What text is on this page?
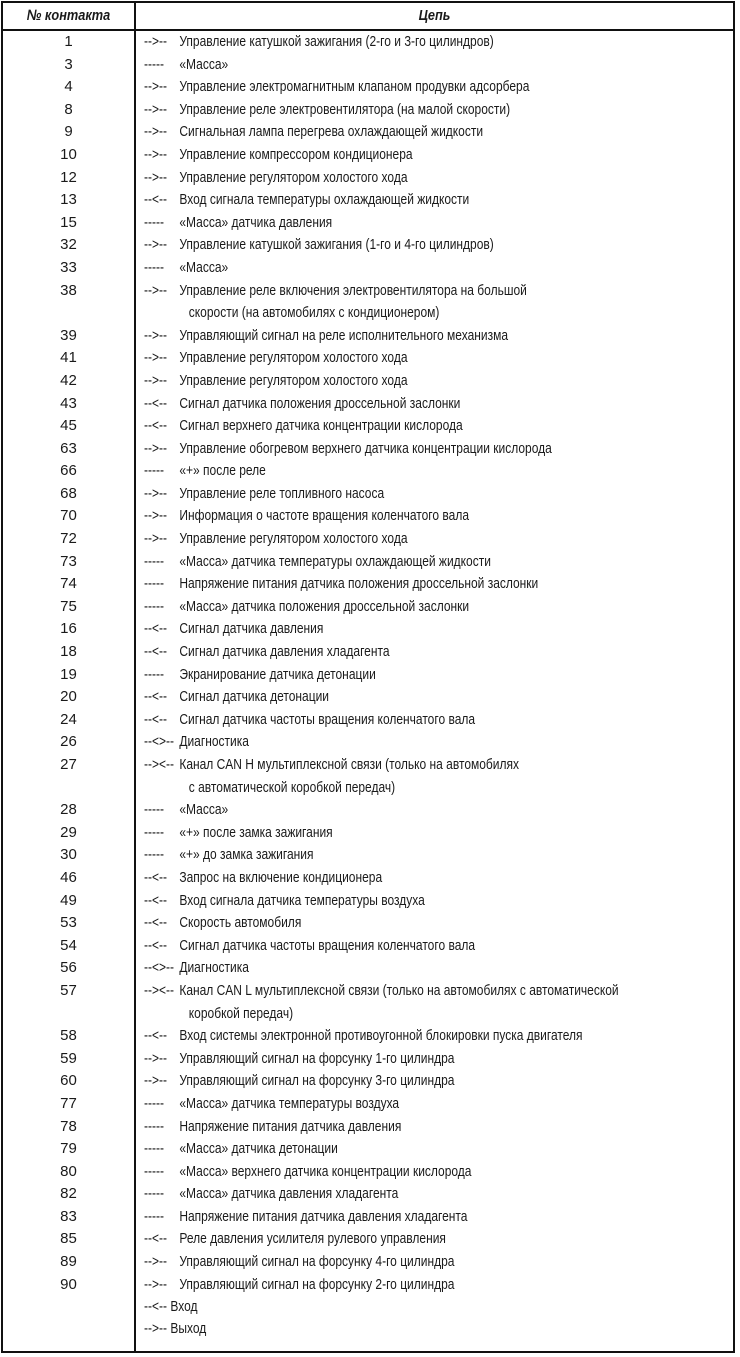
№ контакта	Цепь
1	-->-- Управление катушкой зажигания (2-го и 3-го цилиндров)
3	----- «Масса»
4	-->-- Управление электромагнитным клапаном продувки адсорбера
8	-->-- Управление реле электровентилятора (на малой скорости)
9	-->-- Сигнальная лампа перегрева охлаждающей жидкости
10	-->-- Управление компрессором кондиционера
12	-->-- Управление регулятором холостого хода
13	--<-- Вход сигнала температуры охлаждающей жидкости
15	----- «Масса» датчика давления
32	-->-- Управление катушкой зажигания (1-го и 4-го цилиндров)
33	----- «Масса»
38	-->-- Управление реле включения электровентилятора на большой
скорости (на автомобилях с кондиционером)
39	-->-- Управляющий сигнал на реле исполнительного механизма
41	-->-- Управление регулятором холостого хода
42	-->-- Управление регулятором холостого хода
43	--<-- Сигнал датчика положения дроссельной заслонки
45	--<-- Сигнал верхнего датчика концентрации кислорода
63	-->-- Управление обогревом верхнего датчика концентрации кислорода
66	----- «+» после реле
68	-->-- Управление реле топливного насоса
70	-->-- Информация о частоте вращения коленчатого вала
72	-->-- Управление регулятором холостого хода
73	----- «Масса» датчика температуры охлаждающей жидкости
74	----- Напряжение питания датчика положения дроссельной заслонки
75	----- «Масса» датчика положения дроссельной заслонки
16	--<-- Сигнал датчика давления
18	--<-- Сигнал датчика давления хладагента
19	----- Экранирование датчика детонации
20	--<-- Сигнал датчика детонации
24	--<-- Сигнал датчика частоты вращения коленчатого вала
26	--<>-- Диагностика
27	--><-- Канал CAN H мультиплексной связи (только на автомобилях
с автоматической коробкой передач)
28	----- «Масса»
29	----- «+» после замка зажигания
30	----- «+» до замка зажигания
46	--<-- Запрос на включение кондиционера
49	--<-- Вход сигнала датчика температуры воздуха
53	--<-- Скорость автомобиля
54	--<-- Сигнал датчика частоты вращения коленчатого вала
56	--<>-- Диагностика
57	--><-- Канал CAN L мультиплексной связи (только на автомобилях с автоматической
коробкой передач)
58	--<-- Вход системы электронной противоугонной блокировки пуска двигателя
59	-->-- Управляющий сигнал на форсунку 1-го цилиндра
60	-->-- Управляющий сигнал на форсунку 3-го цилиндра
77	----- «Масса» датчика температуры воздуха
78	----- Напряжение питания датчика давления
79	----- «Масса» датчика детонации
80	----- «Масса» верхнего датчика концентрации кислорода
82	----- «Масса» датчика давления хладагента
83	----- Напряжение питания датчика давления хладагента
85	--<-- Реле давления усилителя рулевого управления
89	-->-- Управляющий сигнал на форсунку 4-го цилиндра
90	-->-- Управляющий сигнал на форсунку 2-го цилиндра
--<-- Вход
-->-- Выход
